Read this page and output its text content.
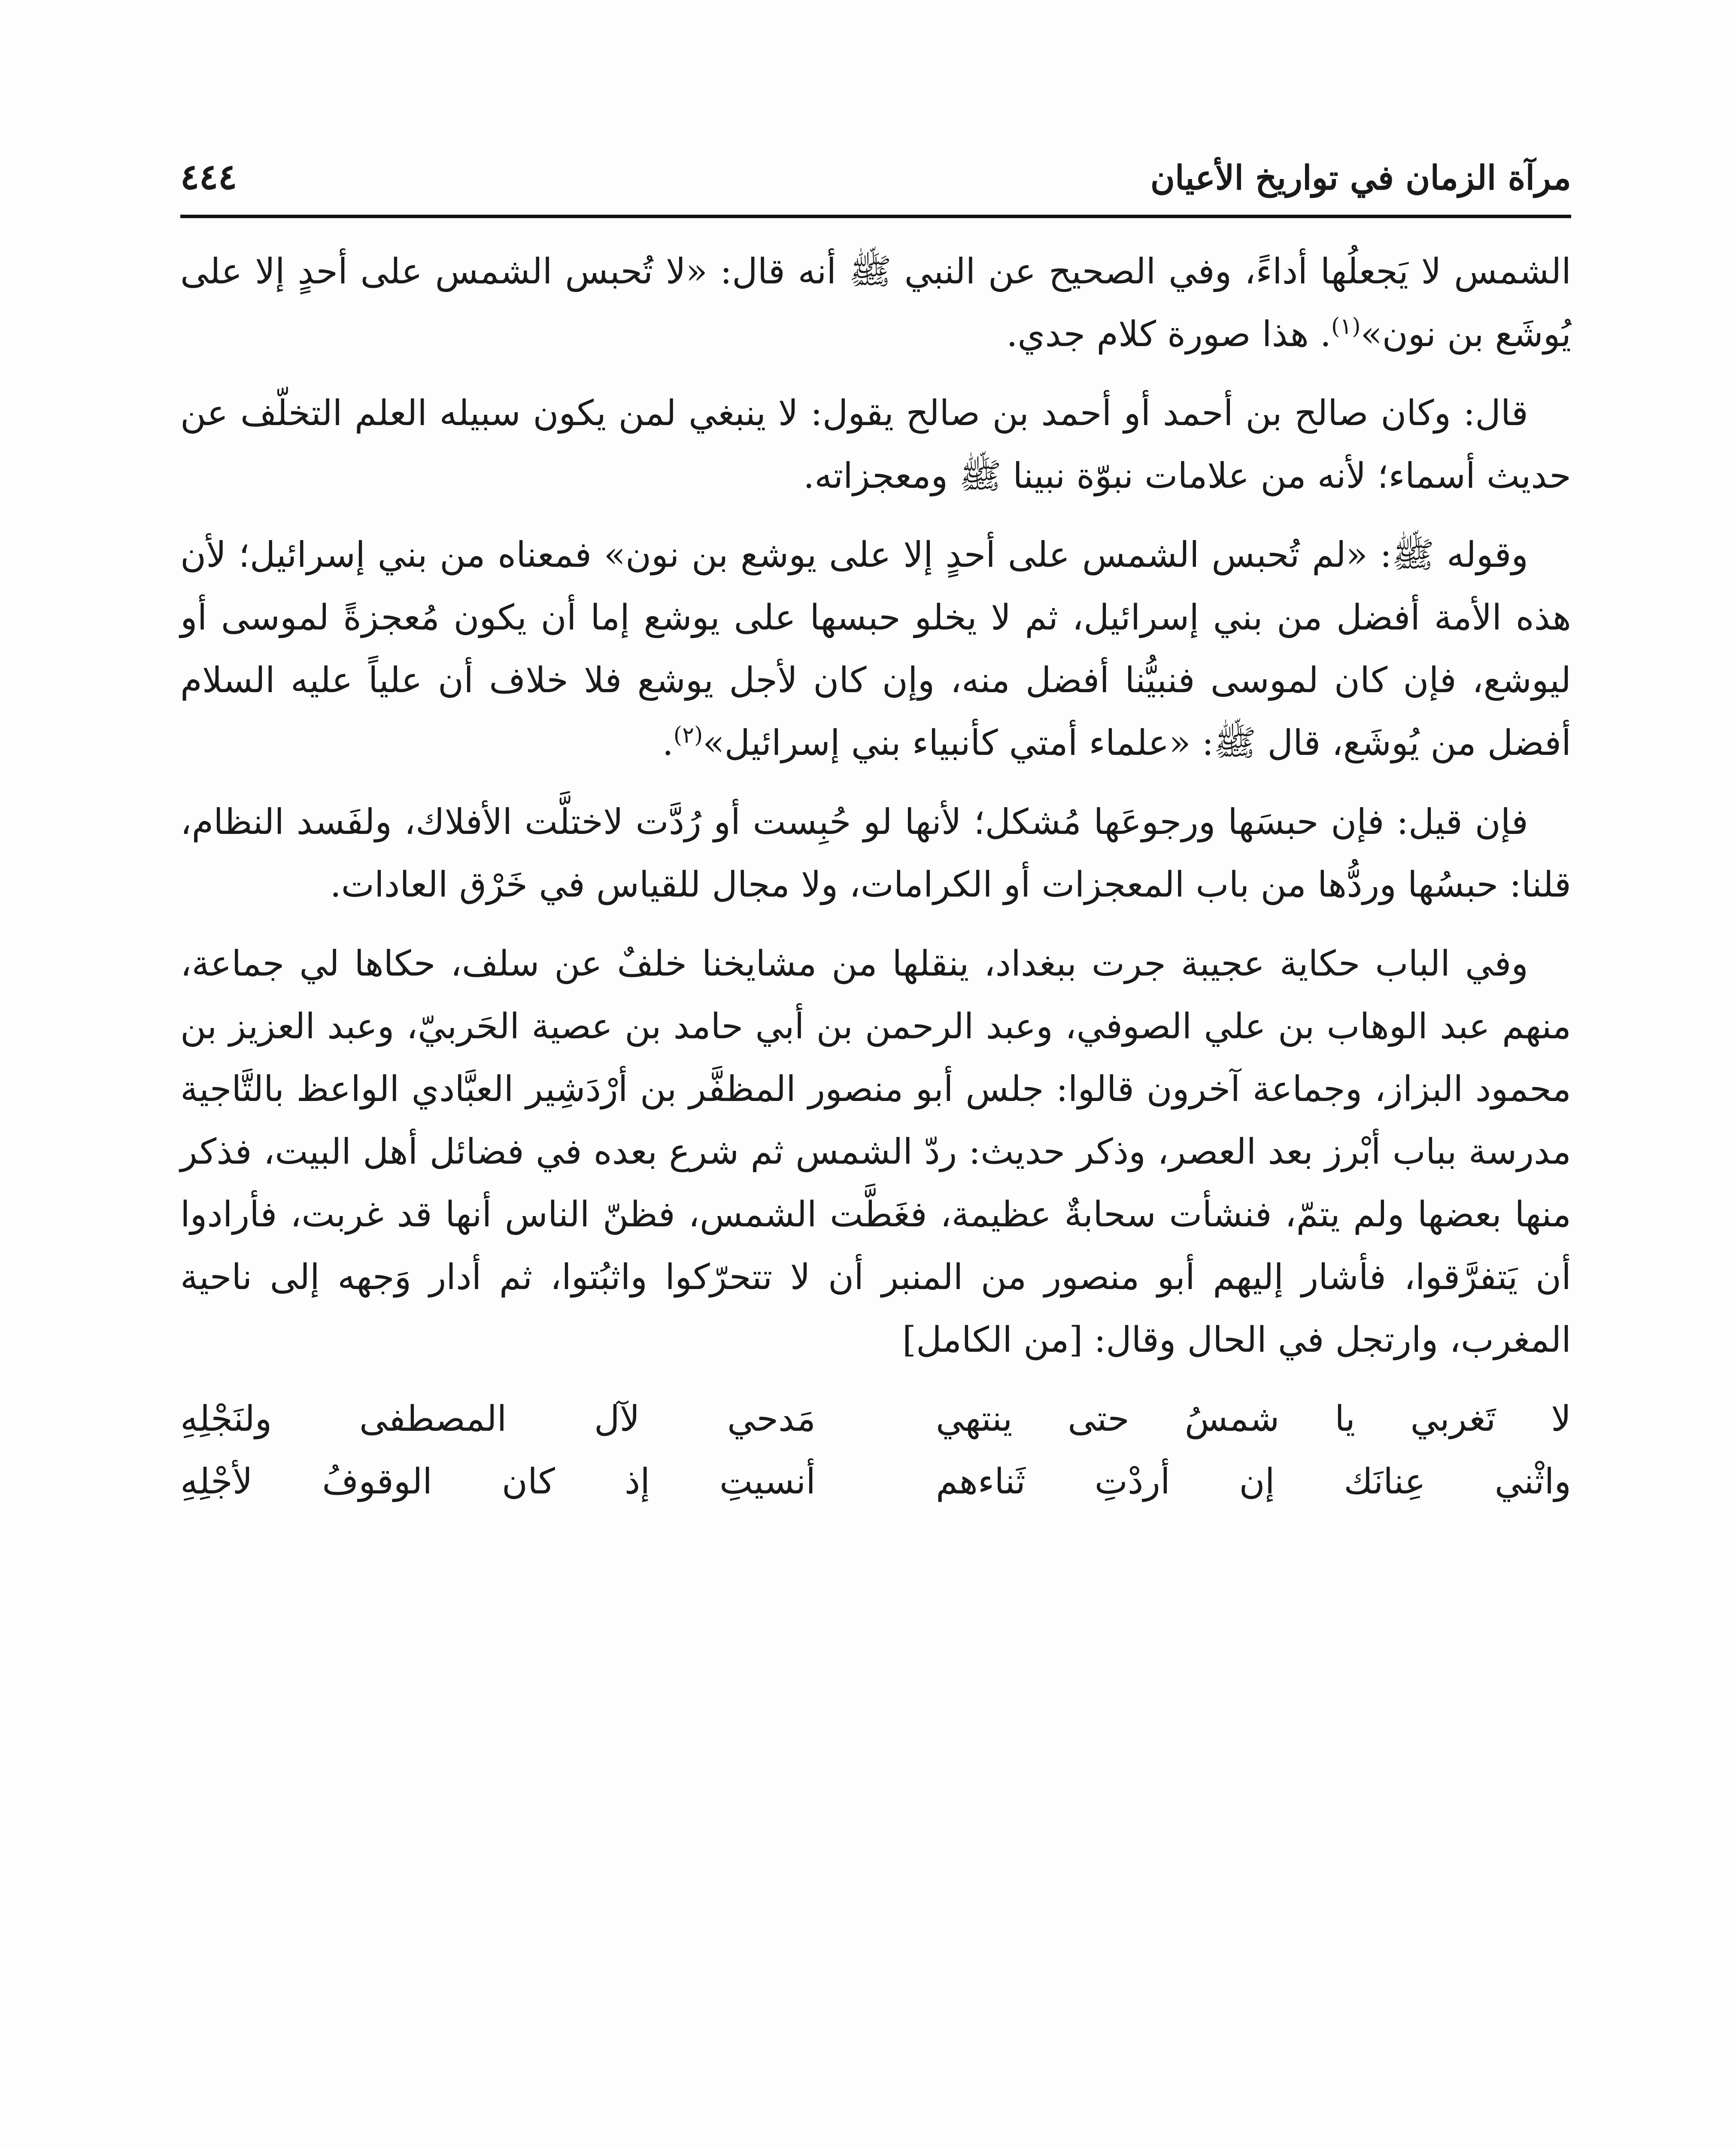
مرآة الزمان في تواريخ الأعيان
٤٤٤

الشمس لا يَجعلُها أداءً، وفي الصحيح عن النبي ﷺ أنه قال: «لا تُحبس الشمس على أحدٍ إلا على يُوشَع بن نون»$^{(١)}$. هذا صورة كلام جدي.

قال: وكان صالح بن أحمد أو أحمد بن صالح يقول: لا ينبغي لمن يكون سبيله العلم التخلّف عن حديث أسماء؛ لأنه من علامات نبوّة نبينا ﷺ ومعجزاته.

وقوله ﷺ: «لم تُحبس الشمس على أحدٍ إلا على يوشع بن نون» فمعناه من بني إسرائيل؛ لأن هذه الأمة أفضل من بني إسرائيل، ثم لا يخلو حبسها على يوشع إما أن يكون مُعجزةً لموسى أو ليوشع، فإن كان لموسى فنبيُّنا أفضل منه، وإن كان لأجل يوشع فلا خلاف أن علياً عليه السلام أفضل من يُوشَع، قال ﷺ: «علماء أمتي كأنبياء بني إسرائيل»$^{(٢)}$.

فإن قيل: فإن حبسَها ورجوعَها مُشكل؛ لأنها لو حُبِست أو رُدَّت لاختلَّت الأفلاك، ولفَسد النظام، قلنا: حبسُها وردُّها من باب المعجزات أو الكرامات، ولا مجال للقياس في خَرْق العادات.

وفي الباب حكاية عجيبة جرت ببغداد، ينقلها من مشايخنا خلفٌ عن سلف، حكاها لي جماعة، منهم عبد الوهاب بن علي الصوفي، وعبد الرحمن بن أبي حامد بن عصية الحَربيّ، وعبد العزيز بن محمود البزاز، وجماعة آخرون قالوا: جلس أبو منصور المظفَّر بن أرْدَشِير العبَّادي الواعظ بالتَّاجية مدرسة بباب أبْرز بعد العصر، وذكر حديث: ردّ الشمس ثم شرع بعده في فضائل أهل البيت، فذكر منها بعضها ولم يتمّ، فنشأت سحابةٌ عظيمة، فغَطَّت الشمس، فظنّ الناس أنها قد غربت، فأرادوا أن يَتفرَّقوا، فأشار إليهم أبو منصور من المنبر أن لا تتحرّكوا واثبُتوا، ثم أدار وَجهه إلى ناحية المغرب، وارتجل في الحال وقال: [من الكامل]

لا تَغربي يا شمسُ حتى ينتهي
مَدحي لآل المصطفى ولنَجْلِهِ
واثْني عِنانَك إن أردْتِ ثَناءهم
أنسيتِ إذ كان الوقوفُ لأجْلِهِ
